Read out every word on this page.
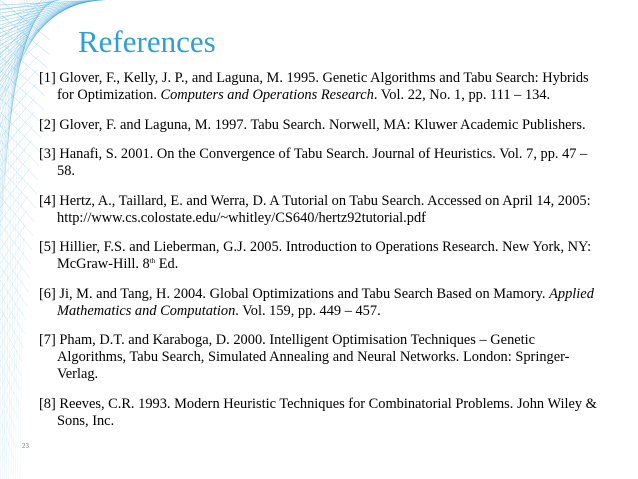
References
[1] Glover, F., Kelly, J. P., and Laguna, M. 1995. Genetic Algorithms and Tabu Search: Hybrids for Optimization. Computers and Operations Research. Vol. 22, No. 1, pp. 111 – 134.
[2] Glover, F. and Laguna, M. 1997. Tabu Search. Norwell, MA: Kluwer Academic Publishers.
[3] Hanafi, S. 2001. On the Convergence of Tabu Search. Journal of Heuristics. Vol. 7, pp. 47 – 58.
[4] Hertz, A., Taillard, E. and Werra, D. A Tutorial on Tabu Search. Accessed on April 14, 2005: http://www.cs.colostate.edu/~whitley/CS640/hertz92tutorial.pdf
[5] Hillier, F.S. and Lieberman, G.J. 2005. Introduction to Operations Research. New York, NY: McGraw-Hill. 8th Ed.
[6] Ji, M. and Tang, H. 2004. Global Optimizations and Tabu Search Based on Mamory. Applied Mathematics and Computation. Vol. 159, pp. 449 – 457.
[7] Pham, D.T. and Karaboga, D. 2000. Intelligent Optimisation Techniques – Genetic Algorithms, Tabu Search, Simulated Annealing and Neural Networks. London: Springer-Verlag.
[8] Reeves, C.R. 1993. Modern Heuristic Techniques for Combinatorial Problems. John Wiley & Sons, Inc.
23
